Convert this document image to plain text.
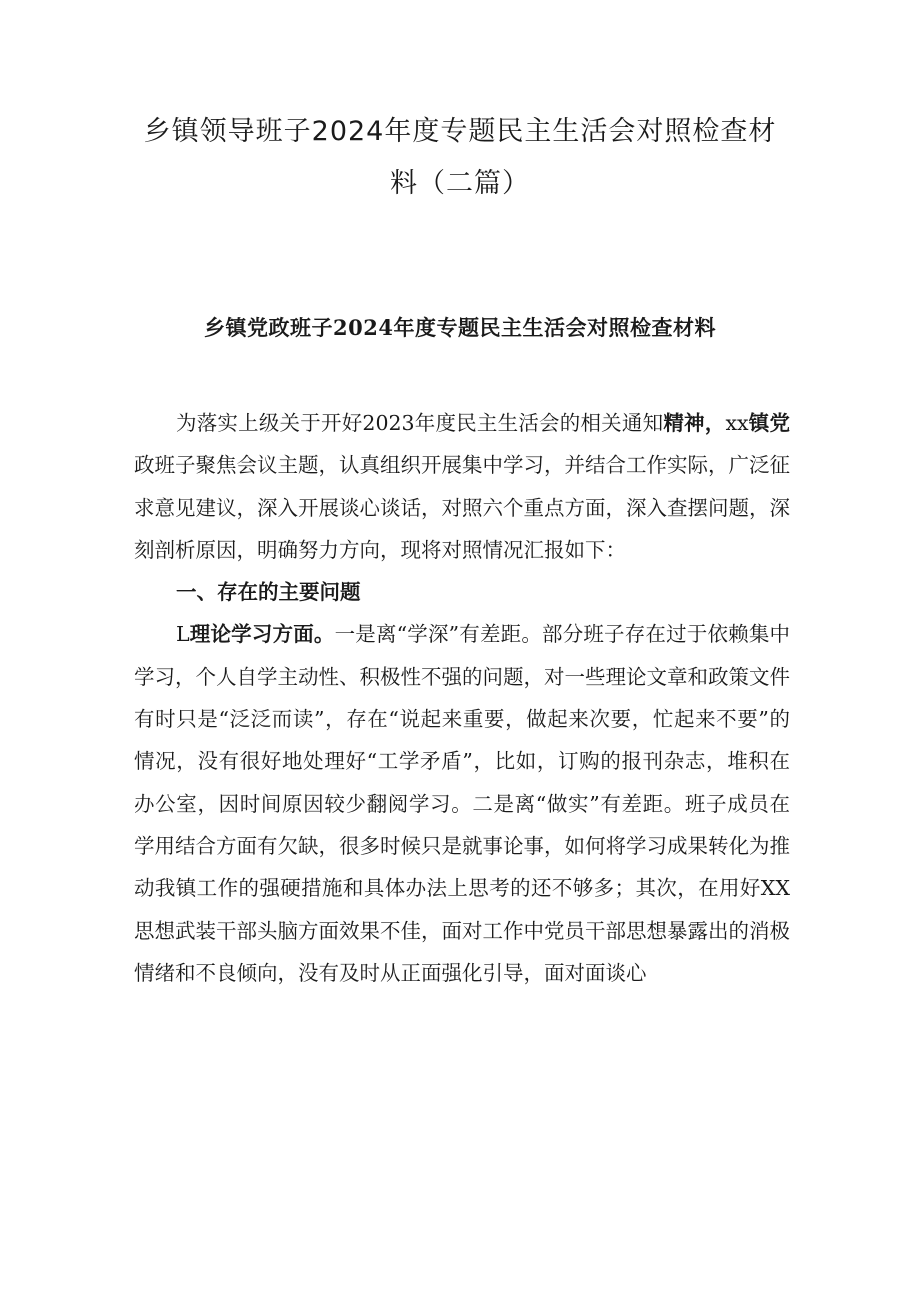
乡镇领导班子2024年度专题民主生活会对照检查材
料（二篇）
乡镇党政班子2024年度专题民主生活会对照检查材料

为落实上级关于开好2023年度民主生活会的相关通知精神，xx镇党政班子聚焦会议主题，认真组织开展集中学习，并结合工作实际，广泛征求意见建议，深入开展谈心谈话，对照六个重点方面，深入查摆问题，深刻剖析原因，明确努力方向，现将对照情况汇报如下：

一、存在的主要问题

L理论学习方面。一是离“学深”有差距。部分班子存在过于依赖集中学习，个人自学主动性、积极性不强的问题，对一些理论文章和政策文件有时只是“泛泛而读”，存在“说起来重要，做起来次要，忙起来不要”的情况，没有很好地处理好“工学矛盾”，比如，订购的报刊杂志，堆积在办公室，因时间原因较少翻阅学习。二是离“做实”有差距。班子成员在学用结合方面有欠缺，很多时候只是就事论事，如何将学习成果转化为推动我镇工作的强硬措施和具体办法上思考的还不够多；其次，在用好XX思想武装干部头脑方面效果不佳，面对工作中党员干部思想暴露出的消极情绪和不良倾向，没有及时从正面强化引导，面对面谈心
